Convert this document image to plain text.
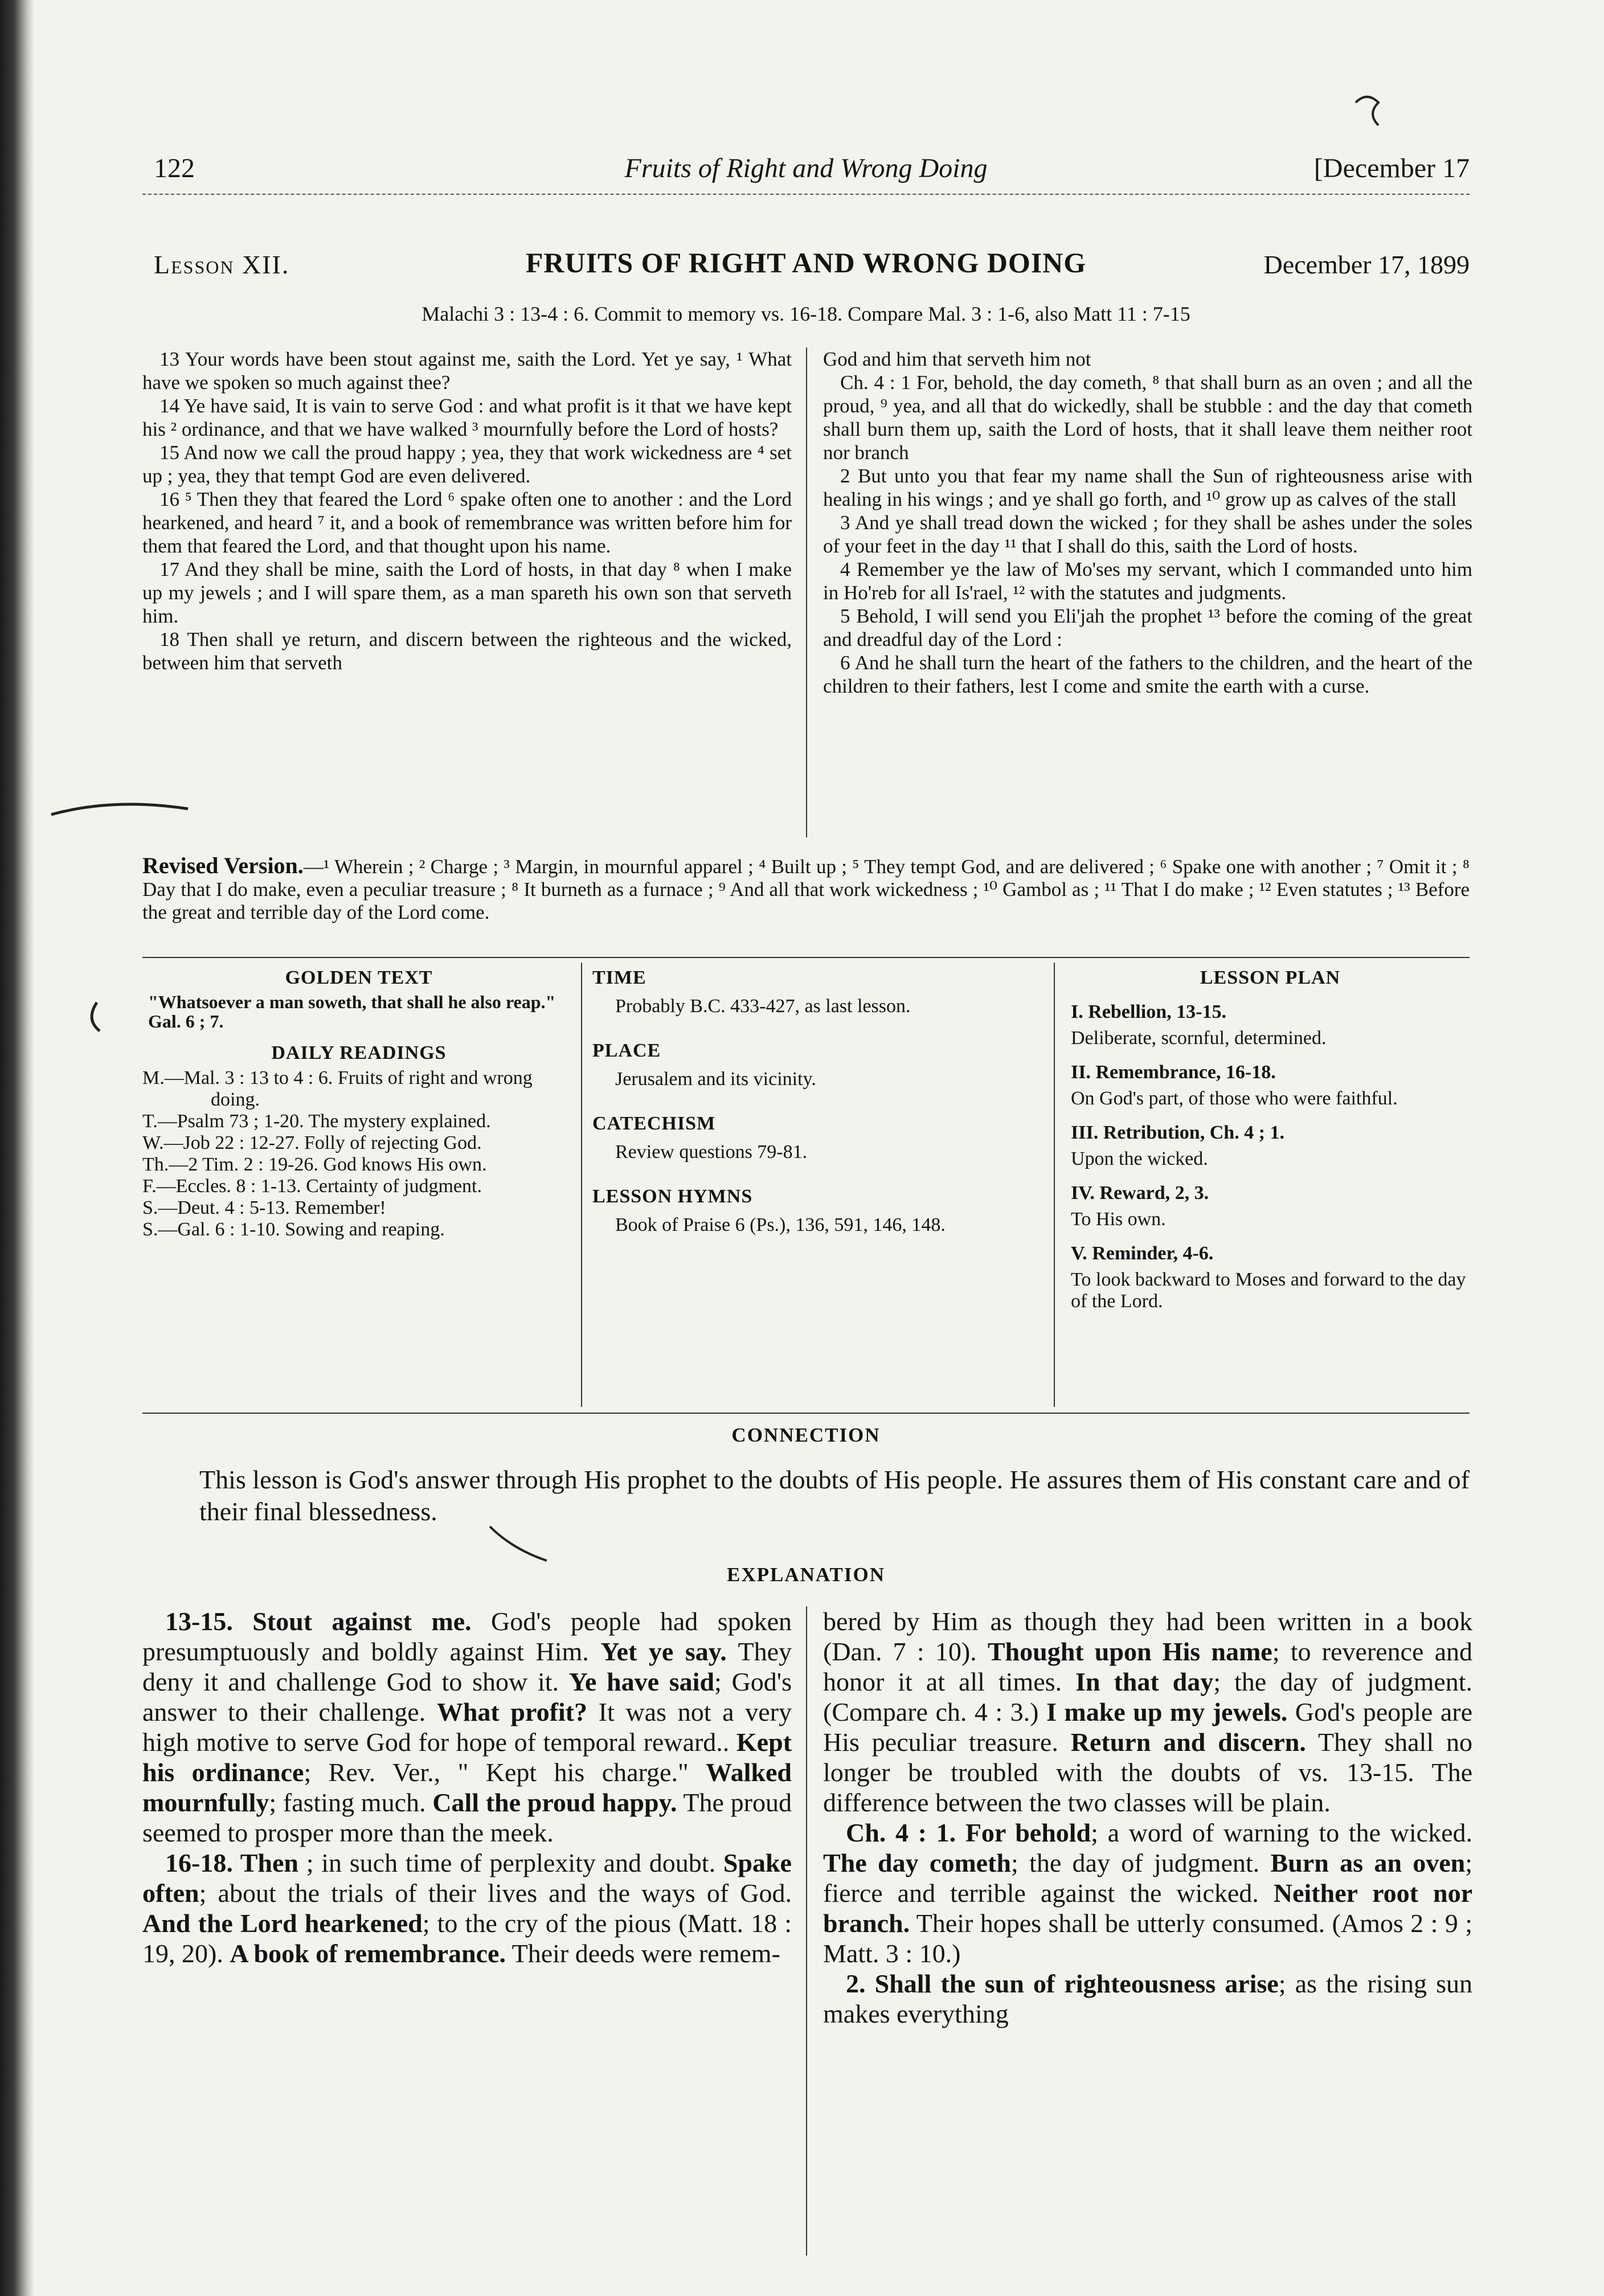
122	Fruits of Right and Wrong Doing	[December 17
Lesson XII.	FRUITS OF RIGHT AND WRONG DOING	December 17, 1899
Malachi 3 : 13-4 : 6. Commit to memory vs. 16-18. Compare Mal. 3 : 1-6, also Matt 11 : 7-15

13 Your words have been stout against me, saith the Lord. Yet ye say, ¹ What have we spoken so much against thee?

14 Ye have said, It is vain to serve God : and what profit is it that we have kept his ² ordinance, and that we have walked ³ mournfully before the Lord of hosts?

15 And now we call the proud happy ; yea, they that work wickedness are ⁴ set up ; yea, they that tempt God are even delivered.

16 ⁵ Then they that feared the Lord ⁶ spake often one to another : and the Lord hearkened, and heard ⁷ it, and a book of remembrance was written before him for them that feared the Lord, and that thought upon his name.

17 And they shall be mine, saith the Lord of hosts, in that day ⁸ when I make up my jewels ; and I will spare them, as a man spareth his own son that serveth him.

18 Then shall ye return, and discern between the righteous and the wicked, between him that serveth

God and him that serveth him not

Ch. 4 : 1 For, behold, the day cometh, ⁸ that shall burn as an oven ; and all the proud, ⁹ yea, and all that do wickedly, shall be stubble : and the day that cometh shall burn them up, saith the Lord of hosts, that it shall leave them neither root nor branch

2 But unto you that fear my name shall the Sun of righteousness arise with healing in his wings ; and ye shall go forth, and ¹⁰ grow up as calves of the stall

3 And ye shall tread down the wicked ; for they shall be ashes under the soles of your feet in the day ¹¹ that I shall do this, saith the Lord of hosts.

4 Remember ye the law of Mo'ses my servant, which I commanded unto him in Ho'reb for all Is'rael, ¹² with the statutes and judgments.

5 Behold, I will send you Eli'jah the prophet ¹³ before the coming of the great and dreadful day of the Lord :

6 And he shall turn the heart of the fathers to the children, and the heart of the children to their fathers, lest I come and smite the earth with a curse.

Revised Version.—¹ Wherein ; ² Charge ; ³ Margin, in mournful apparel ; ⁴ Built up ; ⁵ They tempt God, and are delivered ; ⁶ Spake one with another ; ⁷ Omit it ; ⁸ Day that I do make, even a peculiar treasure ; ⁸ It burneth as a furnace ; ⁹ And all that work wickedness ; ¹⁰ Gambol as ; ¹¹ That I do make ; ¹² Even statutes ; ¹³ Before the great and terrible day of the Lord come.
GOLDEN TEXT
"Whatsoever a man soweth, that shall he also reap." Gal. 6 ; 7.
DAILY READINGS

M.—Mal. 3 : 13 to 4 : 6. Fruits of right and wrong doing.

T.—Psalm 73 ; 1-20. The mystery explained.

W.—Job 22 : 12-27. Folly of rejecting God.

Th.—2 Tim. 2 : 19-26. God knows His own.

F.—Eccles. 8 : 1-13. Certainty of judgment.

S.—Deut. 4 : 5-13. Remember!

S.—Gal. 6 : 1-10. Sowing and reaping.

TIME

Probably B.C. 433-427, as last lesson.

PLACE

Jerusalem and its vicinity.

CATECHISM

Review questions 79-81.

LESSON HYMNS

Book of Praise 6 (Ps.), 136, 591, 146, 148.

LESSON PLAN
I. Rebellion, 13-15.
Deliberate, scornful, determined.
II. Remembrance, 16-18.
On God's part, of those who were faithful.
III. Retribution, Ch. 4 ; 1.
Upon the wicked.
IV. Reward, 2, 3.
To His own.
V. Reminder, 4-6.
To look backward to Moses and forward to the day of the Lord.
CONNECTION
This lesson is God's answer through His prophet to the doubts of His people. He assures them of His constant care and of their final blessedness.
EXPLANATION

13-15. Stout against me. God's people had spoken presumptuously and boldly against Him. Yet ye say. They deny it and challenge God to show it. Ye have said; God's answer to their challenge. What profit? It was not a very high motive to serve God for hope of temporal reward.. Kept his ordinance; Rev. Ver., " Kept his charge." Walked mournfully; fasting much. Call the proud happy. The proud seemed to prosper more than the meek.

16-18. Then ; in such time of perplexity and doubt. Spake often; about the trials of their lives and the ways of God. And the Lord hearkened; to the cry of the pious (Matt. 18 : 19, 20). A book of remembrance. Their deeds were remem-

bered by Him as though they had been written in a book (Dan. 7 : 10). Thought upon His name; to reverence and honor it at all times. In that day; the day of judgment. (Compare ch. 4 : 3.) I make up my jewels. God's people are His peculiar treasure. Return and discern. They shall no longer be troubled with the doubts of vs. 13-15. The difference between the two classes will be plain.

Ch. 4 : 1. For behold; a word of warning to the wicked. The day cometh; the day of judgment. Burn as an oven; fierce and terrible against the wicked. Neither root nor branch. Their hopes shall be utterly consumed. (Amos 2 : 9 ; Matt. 3 : 10.)

2. Shall the sun of righteousness arise; as the rising sun makes everything
